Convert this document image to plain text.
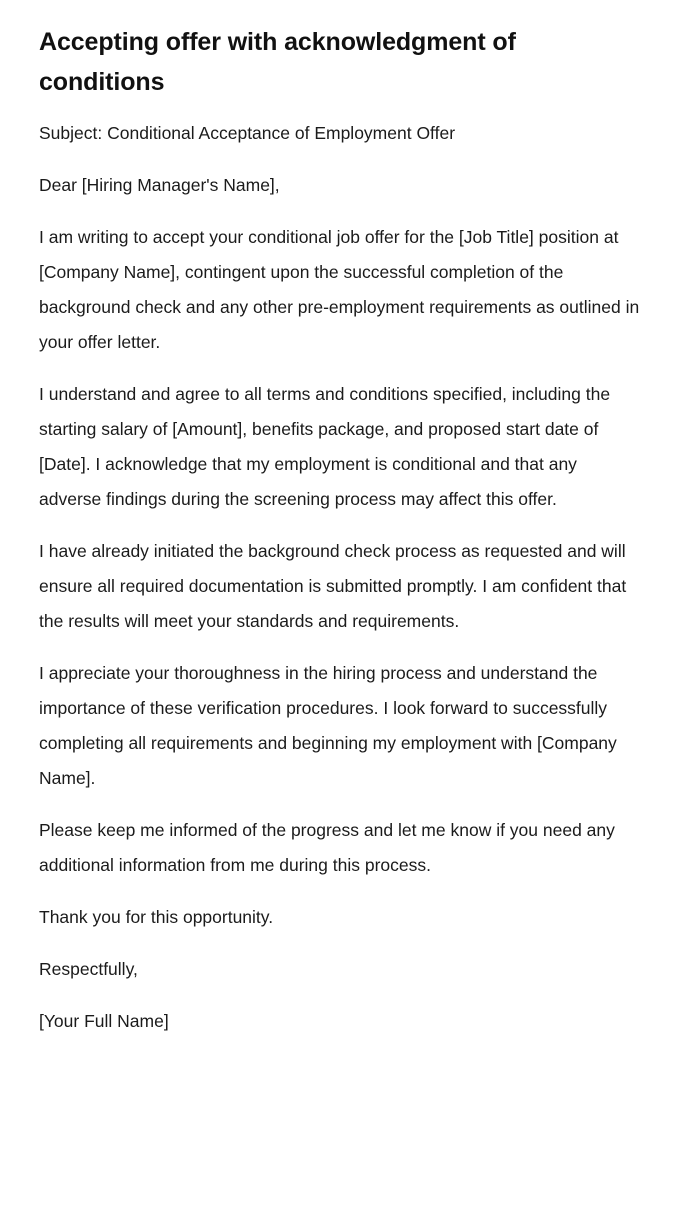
Accepting offer with acknowledgment of conditions

Subject: Conditional Acceptance of Employment Offer

Dear [Hiring Manager's Name],

I am writing to accept your conditional job offer for the [Job Title] position at [Company Name], contingent upon the successful completion of the background check and any other pre-employment requirements as outlined in your offer letter.

I understand and agree to all terms and conditions specified, including the starting salary of [Amount], benefits package, and proposed start date of [Date]. I acknowledge that my employment is conditional and that any adverse findings during the screening process may affect this offer.

I have already initiated the background check process as requested and will ensure all required documentation is submitted promptly. I am confident that the results will meet your standards and requirements.

I appreciate your thoroughness in the hiring process and understand the importance of these verification procedures. I look forward to successfully completing all requirements and beginning my employment with [Company Name].

Please keep me informed of the progress and let me know if you need any additional information from me during this process.

Thank you for this opportunity.

Respectfully,

[Your Full Name]
